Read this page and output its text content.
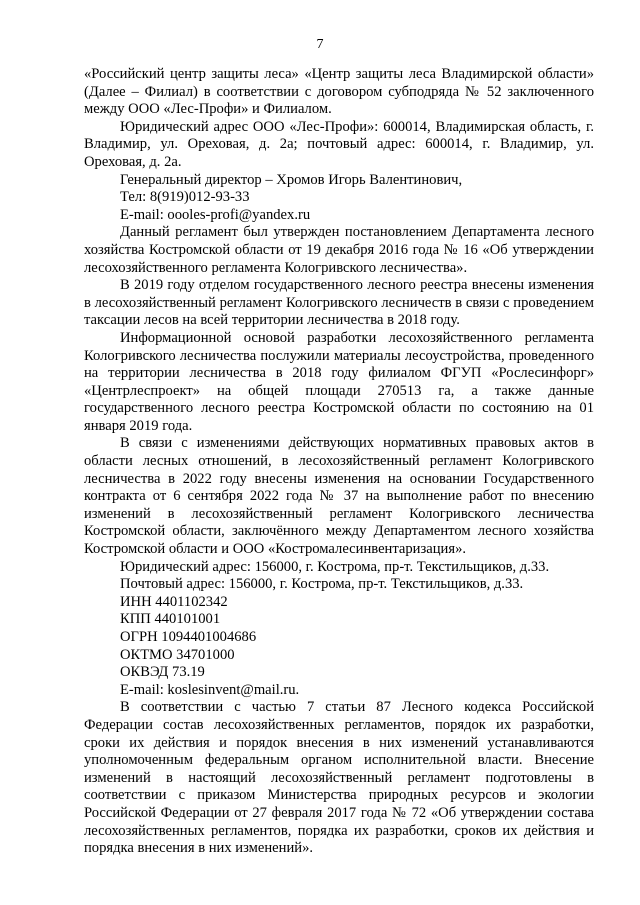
7

«Российский центр защиты леса» «Центр защиты леса Владимирской области» (Далее – Филиал) в соответствии с договором субподряда № 52 заключенного между ООО «Лес-Профи» и Филиалом.

Юридический адрес ООО «Лес-Профи»: 600014, Владимирская область, г. Владимир, ул. Ореховая, д. 2а; почтовый адрес: 600014, г. Владимир, ул. Ореховая, д. 2а.

Генеральный директор – Хромов Игорь Валентинович,

Тел: 8(919)012-93-33

E-mail: oooles-profi@yandex.ru

Данный регламент был утвержден постановлением Департамента лесного хозяйства Костромской области от 19 декабря 2016 года № 16 «Об утверждении лесохозяйственного регламента Кологривского лесничества».

В 2019 году отделом государственного лесного реестра внесены изменения в лесохозяйственный регламент Кологривского лесничеств в связи с проведением таксации лесов на всей территории лесничества в 2018 году.

Информационной основой разработки лесохозяйственного регламента Кологривского лесничества послужили материалы лесоустройства, проведенного на территории лесничества в 2018 году филиалом ФГУП «Рослесинфорг» «Центрлеспроект» на общей площади 270513 га, а также данные государственного лесного реестра Костромской области по состоянию на 01 января 2019 года.

В связи с изменениями действующих нормативных правовых актов в области лесных отношений, в лесохозяйственный регламент Кологривского лесничества в 2022 году внесены изменения на основании Государственного контракта от 6 сентября 2022 года № 37 на выполнение работ по внесению изменений в лесохозяйственный регламент Кологривского лесничества Костромской области, заключённого между Департаментом лесного хозяйства Костромской области и ООО «Костромалесинвентаризация».

Юридический адрес: 156000, г. Кострома, пр-т. Текстильщиков, д.33.

Почтовый адрес: 156000, г. Кострома, пр-т. Текстильщиков, д.33.

ИНН 4401102342

КПП 440101001

ОГРН 1094401004686

ОКТМО 34701000

ОКВЭД 73.19

E-mail: koslesinvent@mail.ru.

В соответствии с частью 7 статьи 87 Лесного кодекса Российской Федерации состав лесохозяйственных регламентов, порядок их разработки, сроки их действия и порядок внесения в них изменений устанавливаются уполномоченным федеральным органом исполнительной власти. Внесение изменений в настоящий лесохозяйственный регламент подготовлены в соответствии с приказом Министерства природных ресурсов и экологии Российской Федерации от 27 февраля 2017 года № 72 «Об утверждении состава лесохозяйственных регламентов, порядка их разработки, сроков их действия и порядка внесения в них изменений».
